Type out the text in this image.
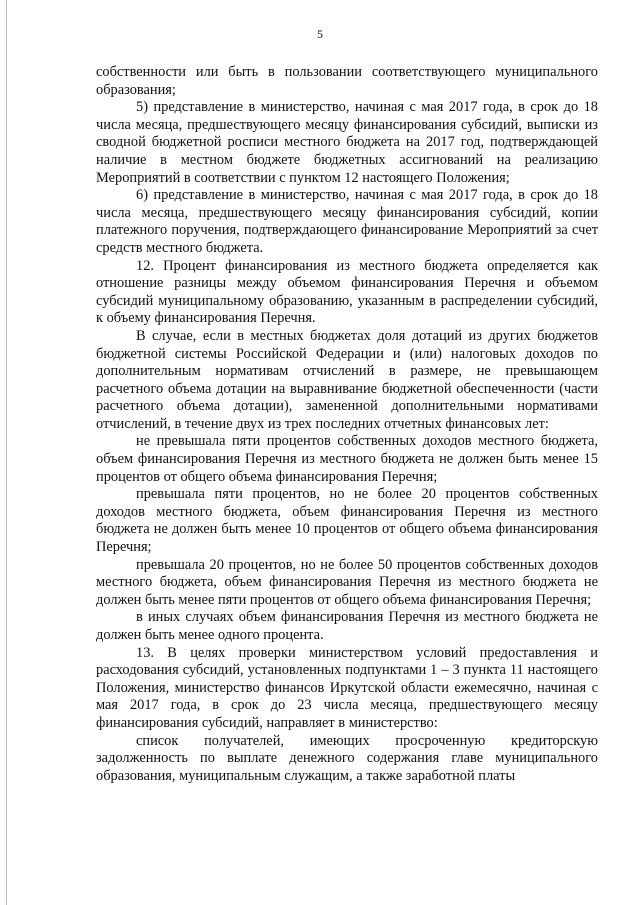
5

собственности или быть в пользовании соответствующего муниципального образования;

5) представление в министерство, начиная с мая 2017 года, в срок до 18 числа месяца, предшествующего месяцу финансирования субсидий, выписки из сводной бюджетной росписи местного бюджета на 2017 год, подтверждающей наличие в местном бюджете бюджетных ассигнований на реализацию Мероприятий в соответствии с пунктом 12 настоящего Положения;

6) представление в министерство, начиная с мая 2017 года, в срок до 18 числа месяца, предшествующего месяцу финансирования субсидий, копии платежного поручения, подтверждающего финансирование Мероприятий за счет средств местного бюджета.

12. Процент финансирования из местного бюджета определяется как отношение разницы между объемом финансирования Перечня и объемом субсидий муниципальному образованию, указанным в распределении субсидий, к объему финансирования Перечня.

В случае, если в местных бюджетах доля дотаций из других бюджетов бюджетной системы Российской Федерации и (или) налоговых доходов по дополнительным нормативам отчислений в размере, не превышающем расчетного объема дотации на выравнивание бюджетной обеспеченности (части расчетного объема дотации), замененной дополнительными нормативами отчислений, в течение двух из трех последних отчетных финансовых лет:

не превышала пяти процентов собственных доходов местного бюджета, объем финансирования Перечня из местного бюджета не должен быть менее 15 процентов от общего объема финансирования Перечня;

превышала пяти процентов, но не более 20 процентов собственных доходов местного бюджета, объем финансирования Перечня из местного бюджета не должен быть менее 10 процентов от общего объема финансирования Перечня;

превышала 20 процентов, но не более 50 процентов собственных доходов местного бюджета, объем финансирования Перечня из местного бюджета не должен быть менее пяти процентов от общего объема финансирования Перечня;

в иных случаях объем финансирования Перечня из местного бюджета не должен быть менее одного процента.

13. В целях проверки министерством условий предоставления и расходования субсидий, установленных подпунктами 1 – 3 пункта 11 настоящего Положения, министерство финансов Иркутской области ежемесячно, начиная с мая 2017 года, в срок до 23 числа месяца, предшествующего месяцу финансирования субсидий, направляет в министерство:

список получателей, имеющих просроченную кредиторскую задолженность по выплате денежного содержания главе муниципального образования, муниципальным служащим, а также заработной платы
